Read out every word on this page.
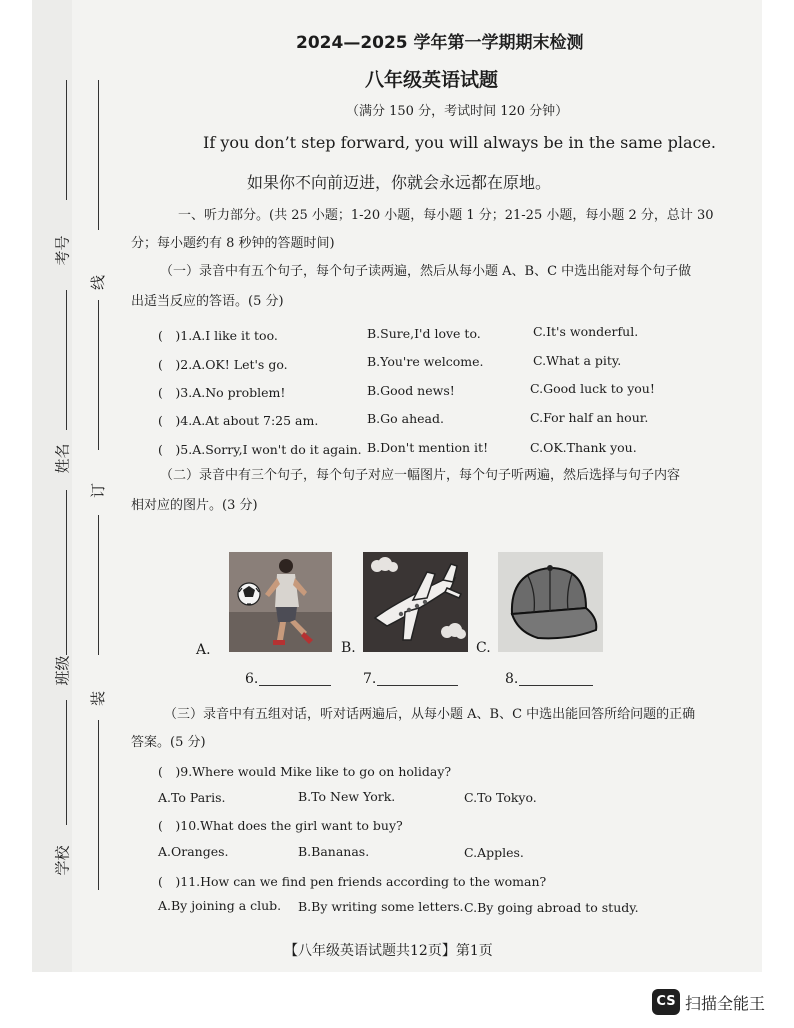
考号
姓名
班级
学校
线
订
装
2024—2025 学年第一学期期末检测
八年级英语试题
（满分 150 分，考试时间 120 分钟）
If you don’t step forward, you will always be in the same place.
如果你不向前迈进，你就会永远都在原地。
一、听力部分。(共 25 小题；1-20 小题，每小题 1 分；21-25 小题，每小题 2 分，总计 30
分；每小题约有 8 秒钟的答题时间)
（一）录音中有五个句子，每个句子读两遍，然后从每小题 A、B、C 中选出能对每个句子做
出适当反应的答语。(5 分)
(　)1.A.I like it too.	B.Sure,I'd love to.	C.It's wonderful.
(　)2.A.OK! Let's go.	B.You're welcome.	C.What a pity.
(　)3.A.No problem!	B.Good news!	C.Good luck to you!
(　)4.A.At about 7:25 am.	B.Go ahead.	C.For half an hour.
(　)5.A.Sorry,I won't do it again. B.Don't mention it!	C.OK.Thank you.
（二）录音中有三个句子，每个句子对应一幅图片，每个句子听两遍，然后选择与句子内容
相对应的图片。(3 分)
A.	B.	C.
6.	7.	8.
（三）录音中有五组对话，听对话两遍后，从每小题 A、B、C 中选出能回答所给问题的正确
答案。(5 分)
(　)9.Where would Mike like to go on holiday?
A.To Paris.	B.To New York.	C.To Tokyo.
(　)10.What does the girl want to buy?
A.Oranges.	B.Bananas.	C.Apples.
(　)11.How can we find pen friends according to the woman?
A.By joining a club. B.By writing some letters. C.By going abroad to study.
【八年级英语试题共12页】第1页
CS 扫描全能王
